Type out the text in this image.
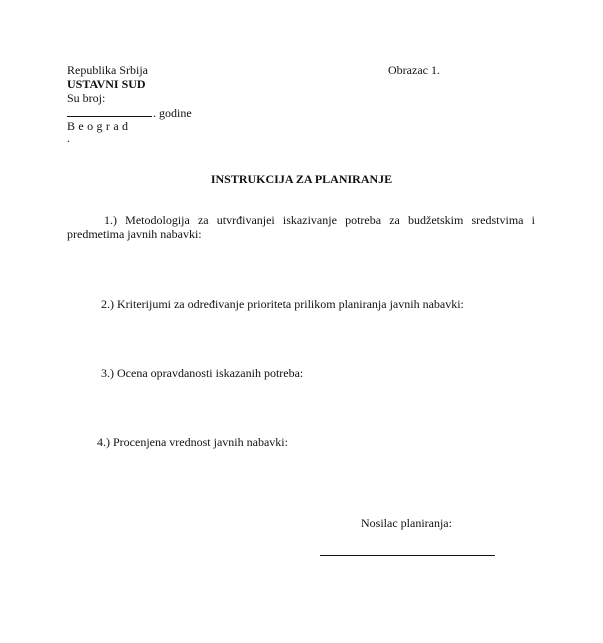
Republika Srbija	Obrazac 1.
USTAVNI SUD
Su broj:
. godine
B e o g r a d
.
INSTRUKCIJA ZA PLANIRANJE
1.) Metodologija za utvrđivanjei iskazivanje potreba za budžetskim sredstvima i predmetima javnih nabavki:
2.) Kriterijumi za određivanje prioriteta prilikom planiranja javnih nabavki:
3.) Ocena opravdanosti iskazanih potreba:
4.) Procenjena vrednost javnih nabavki:
Nosilac planiranja:
